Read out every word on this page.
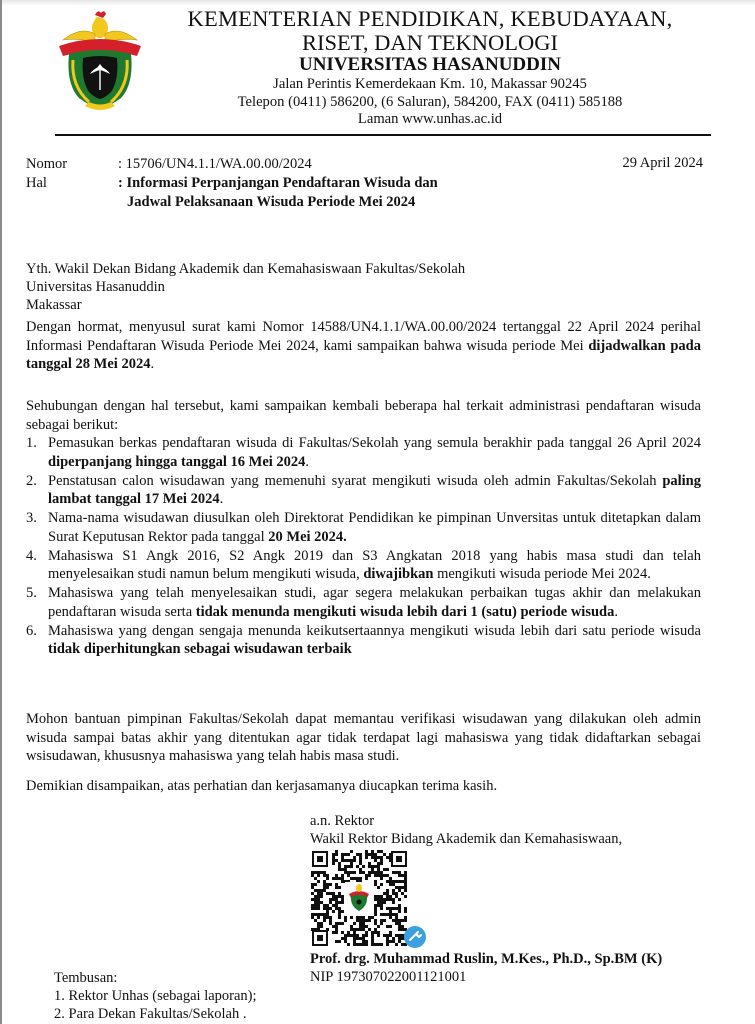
KEMENTERIAN PENDIDIKAN, KEBUDAYAAN,
RISET, DAN TEKNOLOGI
UNIVERSITAS HASANUDDIN
Jalan Perintis Kemerdekaan Km. 10, Makassar 90245
Telepon (0411) 586200, (6 Saluran), 584200, FAX (0411) 585188
Laman www.unhas.ac.id
Nomor	: 15706/UN4.1.1/WA.00.00/2024
Hal	: Informasi Perpanjangan Pendaftaran Wisuda dan
Jadwal Pelaksanaan Wisuda Periode Mei 2024
29 April 2024
Yth. Wakil Dekan Bidang Akademik dan Kemahasiswaan Fakultas/Sekolah
Universitas Hasanuddin
Makassar

Dengan hormat, menyusul surat kami Nomor 14588/UN4.1.1/WA.00.00/2024 tertanggal 22 April 2024 perihal Informasi Pendaftaran Wisuda Periode Mei 2024, kami sampaikan bahwa wisuda periode Mei dijadwalkan pada tanggal 28 Mei 2024.

Sehubungan dengan hal tersebut, kami sampaikan kembali beberapa hal terkait administrasi pendaftaran wisuda sebagai berikut:

1. Pemasukan berkas pendaftaran wisuda di Fakultas/Sekolah yang semula berakhir pada tanggal 26 April 2024 diperpanjang hingga tanggal 16 Mei 2024.
2. Penstatusan calon wisudawan yang memenuhi syarat mengikuti wisuda oleh admin Fakultas/Sekolah paling lambat tanggal 17 Mei 2024.
3. Nama-nama wisudawan diusulkan oleh Direktorat Pendidikan ke pimpinan Unversitas untuk ditetapkan dalam Surat Keputusan Rektor pada tanggal 20 Mei 2024.
4. Mahasiswa S1 Angk 2016, S2 Angk 2019 dan S3 Angkatan 2018 yang habis masa studi dan telah menyelesaikan studi namun belum mengikuti wisuda, diwajibkan mengikuti wisuda periode Mei 2024.
5. Mahasiswa yang telah menyelesaikan studi, agar segera melakukan perbaikan tugas akhir dan melakukan pendaftaran wisuda serta tidak menunda mengikuti wisuda lebih dari 1 (satu) periode wisuda.
6. Mahasiswa yang dengan sengaja menunda keikutsertaannya mengikuti wisuda lebih dari satu periode wisuda tidak diperhitungkan sebagai wisudawan terbaik

Mohon bantuan pimpinan Fakultas/Sekolah dapat memantau verifikasi wisudawan yang dilakukan oleh admin wisuda sampai batas akhir yang ditentukan agar tidak terdapat lagi mahasiswa yang tidak didaftarkan sebagai wsisudawan, khususnya mahasiswa yang telah habis masa studi.

Demikian disampaikan, atas perhatian dan kerjasamanya diucapkan terima kasih.

a.n. Rektor
Wakil Rektor Bidang Akademik dan Kemahasiswaan,
Prof. drg. Muhammad Ruslin, M.Kes., Ph.D., Sp.BM (K)
NIP 197307022001121001
Tembusan:
1. Rektor Unhas (sebagai laporan);
2. Para Dekan Fakultas/Sekolah .
